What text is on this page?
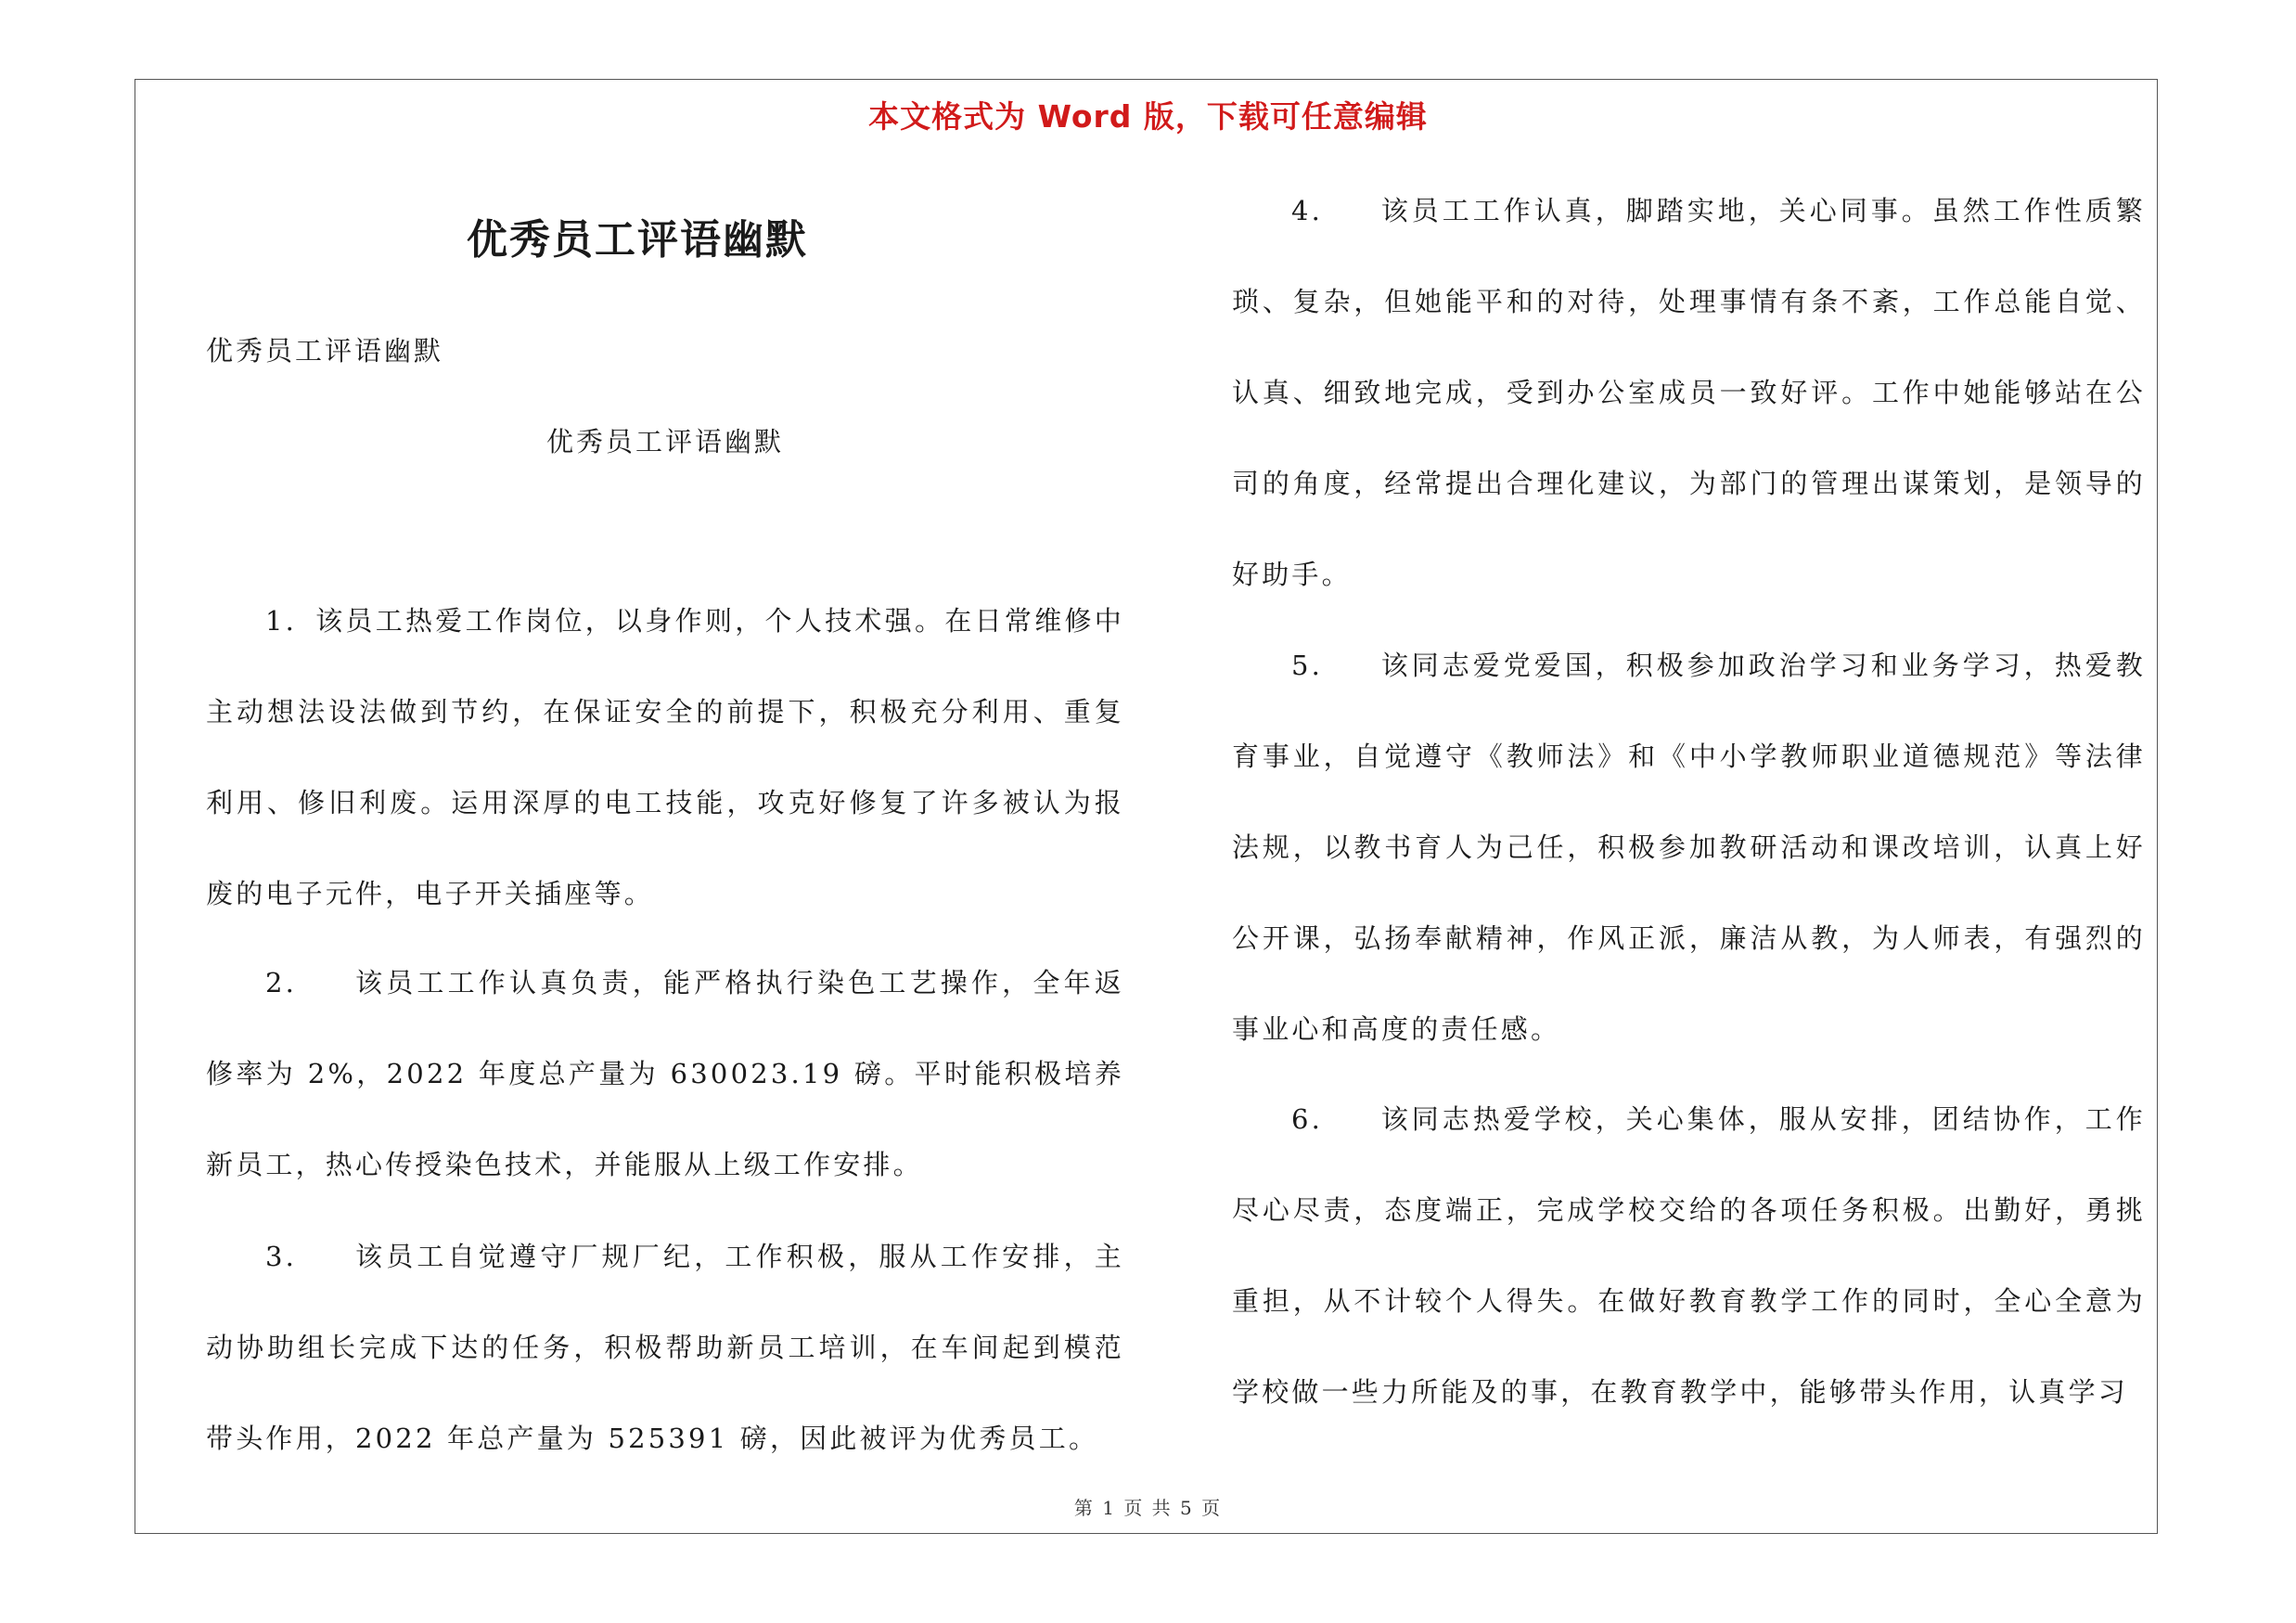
本文格式为 Word 版，下载可任意编辑
优秀员工评语幽默
优秀员工评语幽默
优秀员工评语幽默

1. 该员工热爱工作岗位，以身作则，个人技术强。在日常维修中主动想法设法做到节约，在保证安全的前提下，积极充分利用、重复利用、修旧利废。运用深厚的电工技能，攻克好修复了许多被认为报废的电子元件，电子开关插座等。

2. 该员工工作认真负责，能严格执行染色工艺操作，全年返修率为 2%，2022 年度总产量为 630023.19 磅。平时能积极培养新员工，热心传授染色技术，并能服从上级工作安排。

3. 该员工自觉遵守厂规厂纪，工作积极，服从工作安排，主动协助组长完成下达的任务，积极帮助新员工培训，在车间起到模范带头作用，2022 年总产量为 525391 磅，因此被评为优秀员工。

4. 该员工工作认真，脚踏实地，关心同事。虽然工作性质繁琐、复杂，但她能平和的对待，处理事情有条不紊，工作总能自觉、认真、细致地完成，受到办公室成员一致好评。工作中她能够站在公司的角度，经常提出合理化建议，为部门的管理出谋策划，是领导的好助手。

5. 该同志爱党爱国，积极参加政治学习和业务学习，热爱教育事业，自觉遵守《教师法》和《中小学教师职业道德规范》等法律法规，以教书育人为己任，积极参加教研活动和课改培训，认真上好公开课，弘扬奉献精神，作风正派，廉洁从教，为人师表，有强烈的事业心和高度的责任感。

6. 该同志热爱学校，关心集体，服从安排，团结协作，工作尽心尽责，态度端正，完成学校交给的各项任务积极。出勤好，勇挑重担，从不计较个人得失。在做好教育教学工作的同时，全心全意为学校做一些力所能及的事，在教育教学中，能够带头作用，认真学习

第 1 页 共 5 页
